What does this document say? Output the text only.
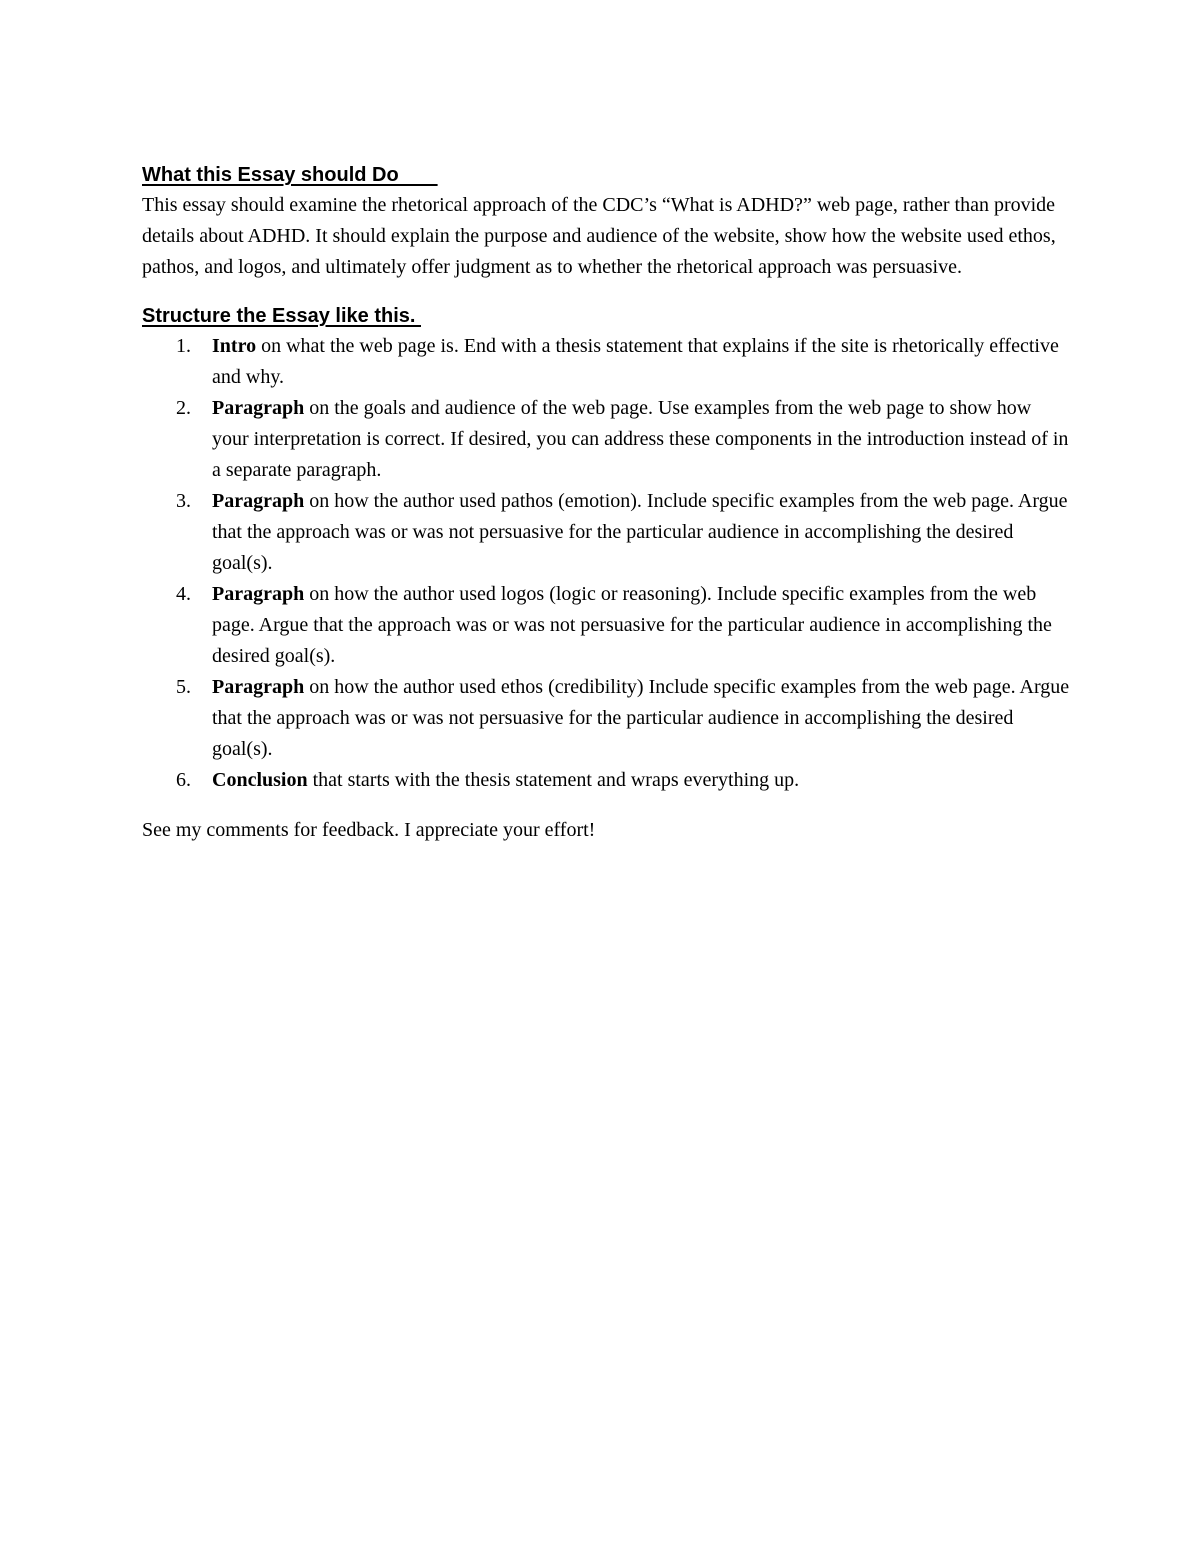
What this Essay should Do

This essay should examine the rhetorical approach of the CDC’s “What is ADHD?” web page, rather than provide details about ADHD. It should explain the purpose and audience of the website, show how the website used ethos, pathos, and logos, and ultimately offer judgment as to whether the rhetorical approach was persuasive.

Structure the Essay like this.
1. Intro on what the web page is. End with a thesis statement that explains if the site is rhetorically effective and why.
2. Paragraph on the goals and audience of the web page. Use examples from the web page to show how your interpretation is correct. If desired, you can address these components in the introduction instead of in a separate paragraph.
3. Paragraph on how the author used pathos (emotion). Include specific examples from the web page. Argue that the approach was or was not persuasive for the particular audience in accomplishing the desired goal(s).
4. Paragraph on how the author used logos (logic or reasoning). Include specific examples from the web page. Argue that the approach was or was not persuasive for the particular audience in accomplishing the desired goal(s).
5. Paragraph on how the author used ethos (credibility) Include specific examples from the web page. Argue that the approach was or was not persuasive for the particular audience in accomplishing the desired goal(s).
6. Conclusion that starts with the thesis statement and wraps everything up.

See my comments for feedback. I appreciate your effort!
